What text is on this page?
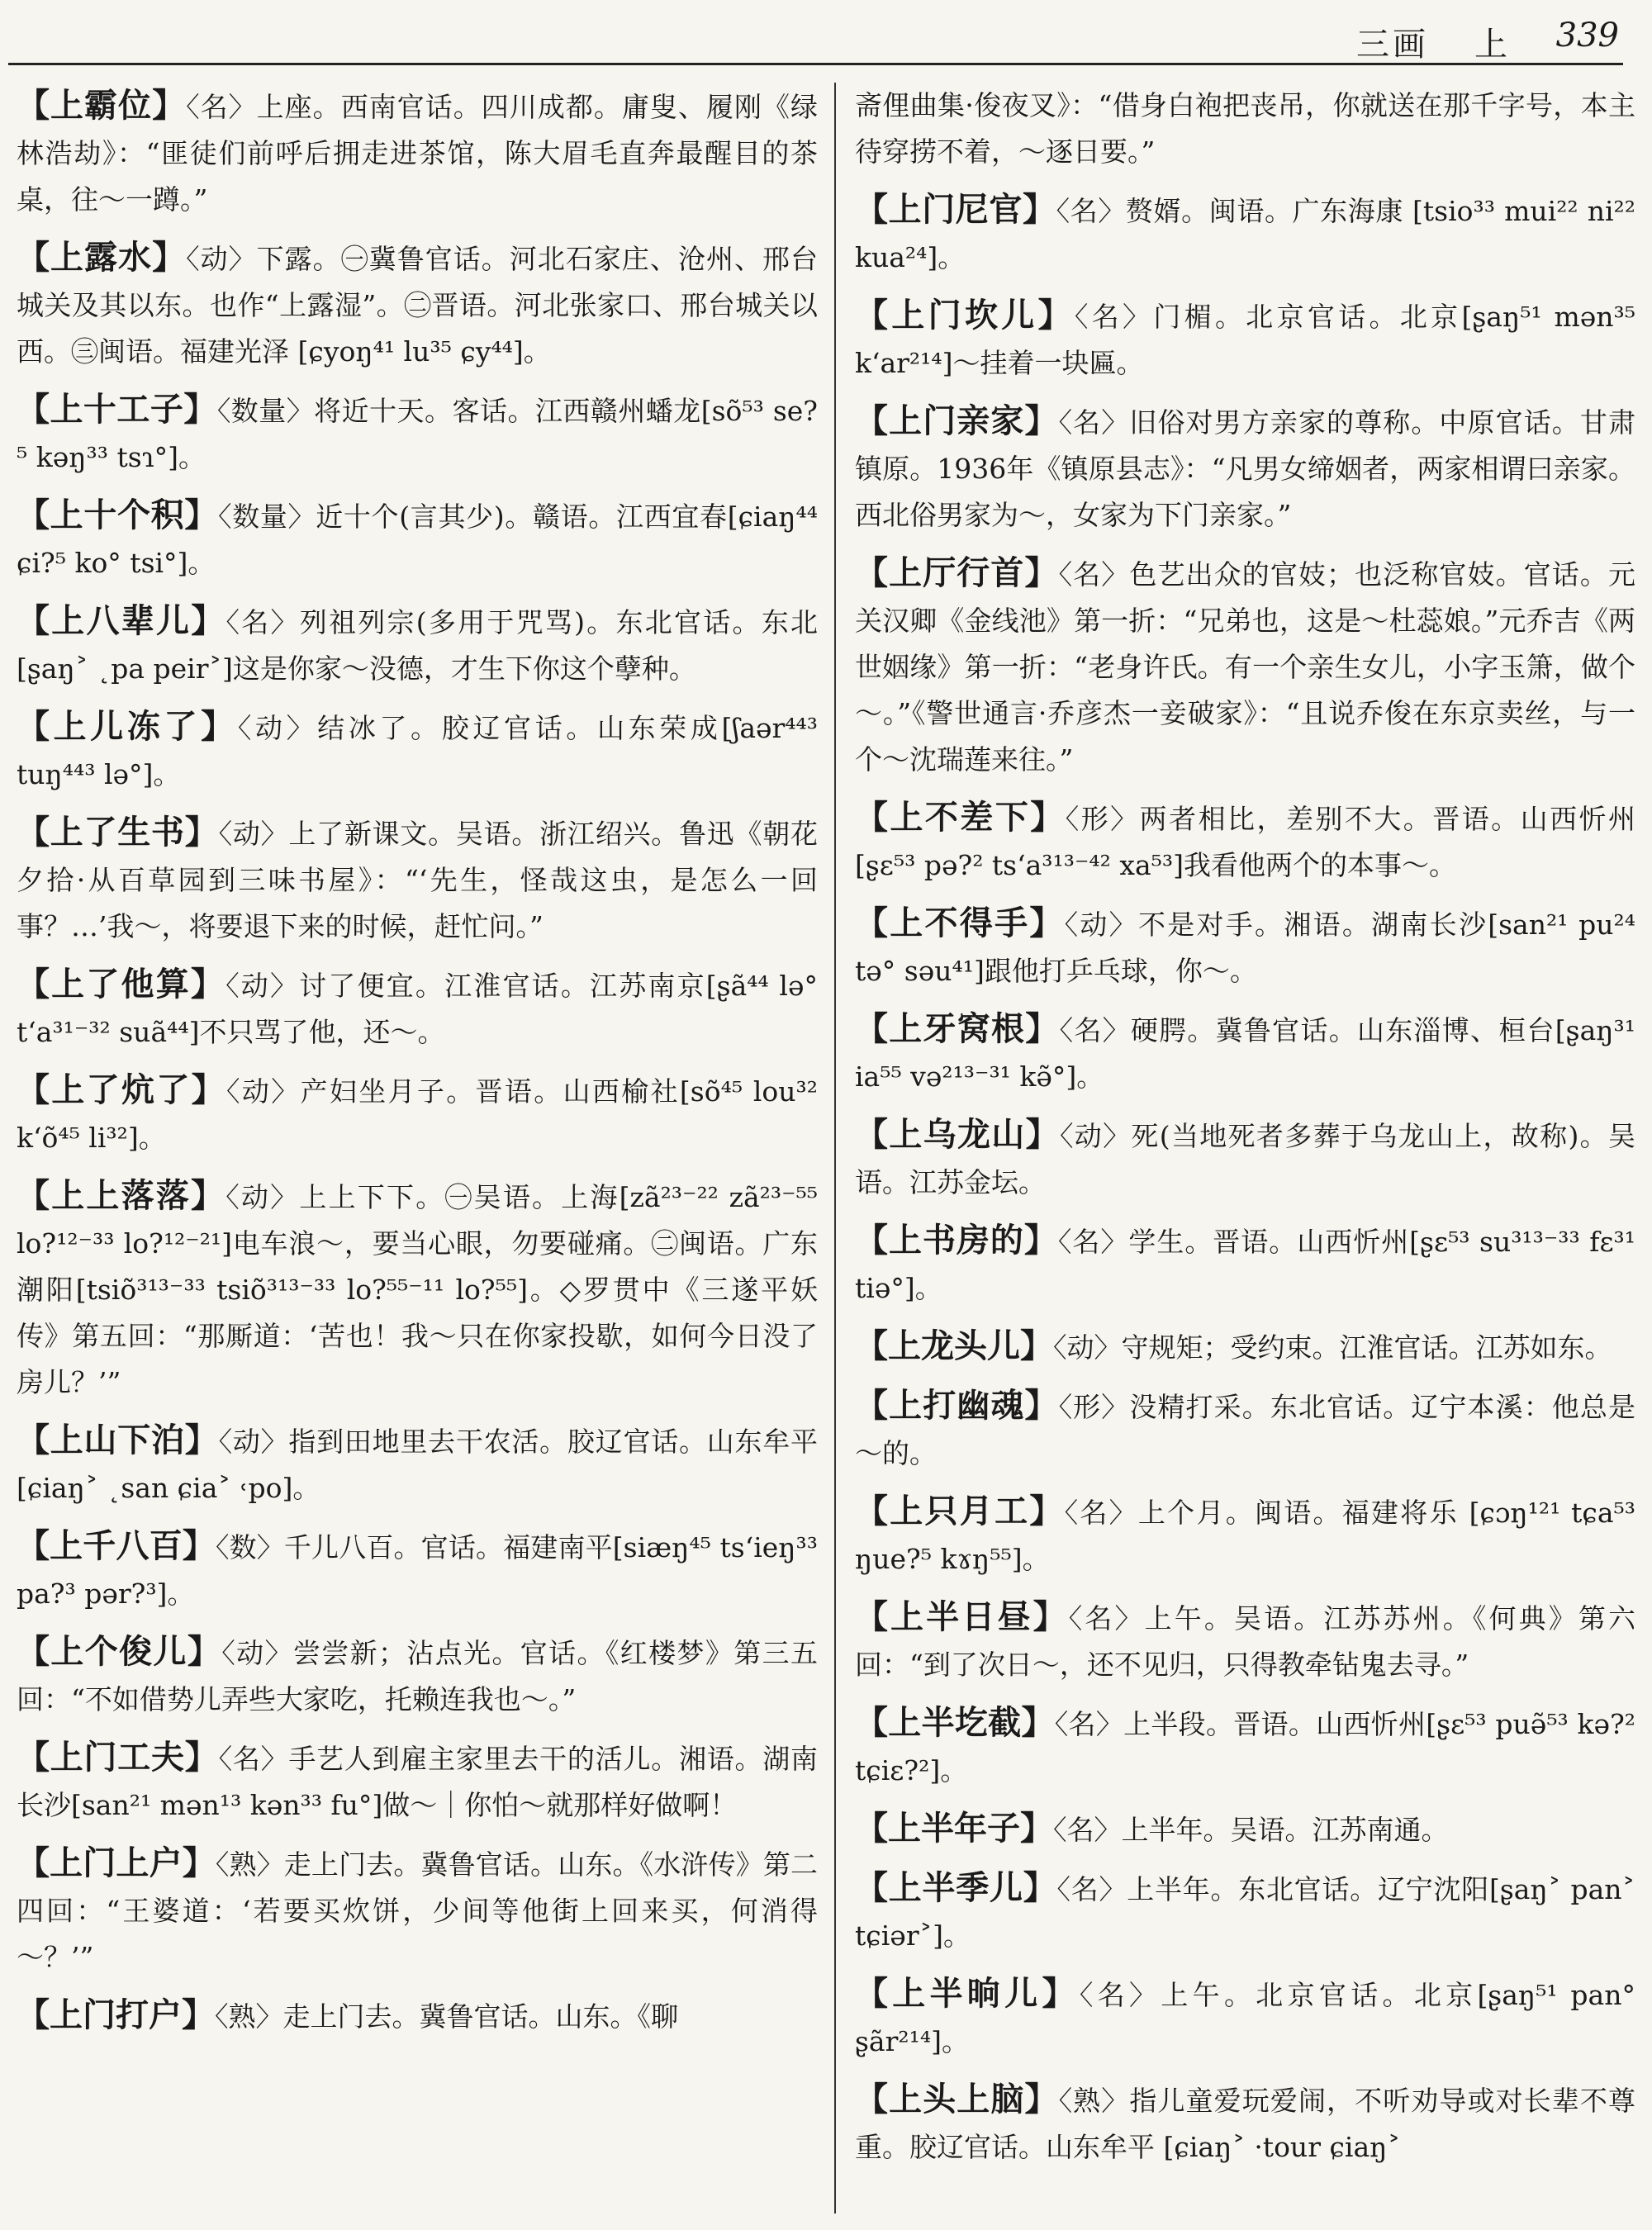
三画 上 339
【上霸位】〈名〉上座。西南官话。四川成都。庸叟、履刚《绿林浩劫》：“匪徒们前呼后拥走进茶馆，陈大眉毛直奔最醒目的茶桌，往～一蹲。”
【上露水】〈动〉下露。㊀冀鲁官话。河北石家庄、沧州、邢台城关及其以东。也作“上露湿”。㊁晋语。河北张家口、邢台城关以西。㊂闽语。福建光泽 [ɕyoŋ⁴¹ lu³⁵ ɕy⁴⁴]。
【上十工子】〈数量〉将近十天。客话。江西赣州蟠龙[sõ⁵³ se?⁵ kəŋ³³ tsɿ°]。
【上十个积】〈数量〉近十个(言其少)。赣语。江西宜春[ɕiaŋ⁴⁴ ɕi?⁵ ko° tsi°]。
【上八辈儿】〈名〉列祖列宗(多用于咒骂)。东北官话。东北[ʂaŋ˃ ˛pa peir˃]这是你家～没德，才生下你这个孽种。
【上儿冻了】〈动〉结冰了。胶辽官话。山东荣成[ʃaər⁴⁴³ tuŋ⁴⁴³ lə°]。
【上了生书】〈动〉上了新课文。吴语。浙江绍兴。鲁迅《朝花夕拾·从百草园到三味书屋》：“‘先生，怪哉这虫，是怎么一回事？…’我～，将要退下来的时候，赶忙问。”
【上了他算】〈动〉讨了便宜。江淮官话。江苏南京[ʂã⁴⁴ lə° t‘a³¹⁻³² suã⁴⁴]不只骂了他，还～。
【上了炕了】〈动〉产妇坐月子。晋语。山西榆社[sõ⁴⁵ lou³² k‘õ⁴⁵ li³²]。
【上上落落】〈动〉上上下下。㊀吴语。上海[zã²³⁻²² zã²³⁻⁵⁵ lo?¹²⁻³³ lo?¹²⁻²¹]电车浪～，要当心眼，勿要碰痛。㊁闽语。广东潮阳[tsiõ³¹³⁻³³ tsiõ³¹³⁻³³ lo?⁵⁵⁻¹¹ lo?⁵⁵]。◇罗贯中《三遂平妖传》第五回：“那厮道：‘苦也！我～只在你家投歇，如何今日没了房儿？’”
【上山下泊】〈动〉指到田地里去干农活。胶辽官话。山东牟平[ɕiaŋ˃ ˛san ɕia˃ ˓po]。
【上千八百】〈数〉千儿八百。官话。福建南平[siæŋ⁴⁵ ts‘ieŋ³³ pa?³ pər?³]。
【上个俊儿】〈动〉尝尝新；沾点光。官话。《红楼梦》第三五回：“不如借势儿弄些大家吃，托赖连我也～。”
【上门工夫】〈名〉手艺人到雇主家里去干的活儿。湘语。湖南长沙[san²¹ mən¹³ kən³³ fu°]做～｜你怕～就那样好做啊！
【上门上户】〈熟〉走上门去。冀鲁官话。山东。《水浒传》第二四回：“王婆道：‘若要买炊饼，少间等他街上回来买，何消得～？’”
【上门打户】〈熟〉走上门去。冀鲁官话。山东。《聊
斋俚曲集·俊夜叉》：“借身白袍把丧吊，你就送在那千字号，本主待穿捞不着，～逐日要。”
【上门尼官】〈名〉赘婿。闽语。广东海康 [tsio³³ mui²² ni²² kua²⁴]。
【上门坎儿】〈名〉门楣。北京官话。北京[ʂaŋ⁵¹ mən³⁵ k‘ar²¹⁴]～挂着一块匾。
【上门亲家】〈名〉旧俗对男方亲家的尊称。中原官话。甘肃镇原。1936年《镇原县志》：“凡男女缔姻者，两家相谓曰亲家。西北俗男家为～，女家为下门亲家。”
【上厅行首】〈名〉色艺出众的官妓；也泛称官妓。官话。元关汉卿《金线池》第一折：“兄弟也，这是～杜蕊娘。”元乔吉《两世姻缘》第一折：“老身许氏。有一个亲生女儿，小字玉箫，做个～。”《警世通言·乔彦杰一妾破家》：“且说乔俊在东京卖丝，与一个～沈瑞莲来往。”
【上不差下】〈形〉两者相比，差别不大。晋语。山西忻州 [ʂɛ⁵³ pə?² ts‘a³¹³⁻⁴² xa⁵³]我看他两个的本事～。
【上不得手】〈动〉不是对手。湘语。湖南长沙[san²¹ pu²⁴ tə° səu⁴¹]跟他打乒乓球，你～。
【上牙窝根】〈名〉硬腭。冀鲁官话。山东淄博、桓台[ʂaŋ³¹ ia⁵⁵ və²¹³⁻³¹ kə̃°]。
【上乌龙山】〈动〉死(当地死者多葬于乌龙山上，故称)。吴语。江苏金坛。
【上书房的】〈名〉学生。晋语。山西忻州[ʂɛ⁵³ su³¹³⁻³³ fɛ³¹ tiə°]。
【上龙头儿】〈动〉守规矩；受约束。江淮官话。江苏如东。
【上打幽魂】〈形〉没精打采。东北官话。辽宁本溪：他总是～的。
【上只月工】〈名〉上个月。闽语。福建将乐 [ɕɔŋ¹²¹ tɕa⁵³ ŋue?⁵ kɤŋ⁵⁵]。
【上半日昼】〈名〉上午。吴语。江苏苏州。《何典》第六回：“到了次日～，还不见归，只得教牵钻鬼去寻。”
【上半圪截】〈名〉上半段。晋语。山西忻州[ʂɛ⁵³ puə̃⁵³ kə?² tɕiɛ?²]。
【上半年子】〈名〉上半年。吴语。江苏南通。
【上半季儿】〈名〉上半年。东北官话。辽宁沈阳[ʂaŋ˃ pan˃ tɕiər˃]。
【上半晌儿】〈名〉上午。北京官话。北京[ʂaŋ⁵¹ pan° ʂãr²¹⁴]。
【上头上脑】〈熟〉指儿童爱玩爱闹，不听劝导或对长辈不尊重。胶辽官话。山东牟平 [ɕiaŋ˃ ·tour ɕiaŋ˃
